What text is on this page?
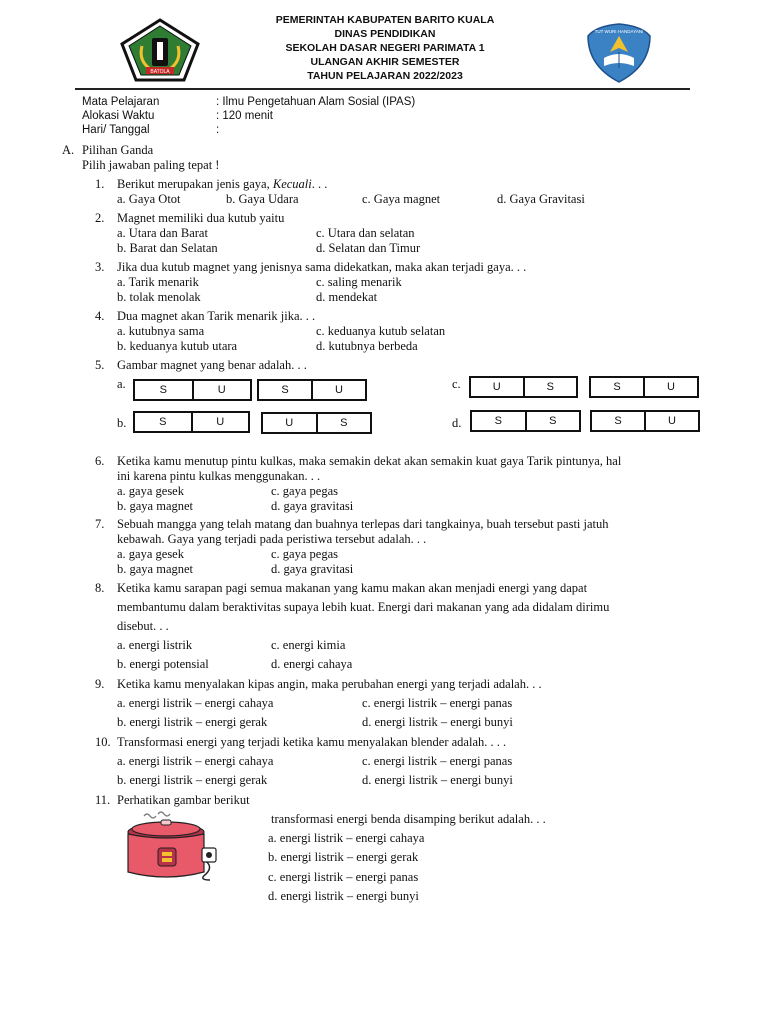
BATOLA
PEMERINTAH KABUPATEN BARITO KUALA
DINAS PENDIDIKAN
SEKOLAH DASAR NEGERI PARIMATA 1
ULANGAN AKHIR SEMESTER
TAHUN PELAJARAN 2022/2023
TUT WURI HANDAYANI
Mata Pelajaran	: Ilmu Pengetahuan Alam Sosial (IPAS)
Alokasi Waktu	: 120 menit
Hari/ Tanggal	:
A. Pilihan Ganda
Pilih jawaban paling tepat !
1. Berikut merupakan jenis gaya, Kecuali. . .
a. Gaya Otot	b. Gaya Udara	c. Gaya magnet	d. Gaya Gravitasi
2. Magnet memiliki dua kutub yaitu
a. Utara dan Barat	c. Utara dan selatan
b. Barat dan Selatan	d. Selatan dan Timur
3. Jika dua kutub magnet yang jenisnya sama didekatkan, maka akan terjadi gaya. . .
a. Tarik menarik	c. saling menarik
b. tolak menolak	d. mendekat
4. Dua magnet akan Tarik menarik jika. . .
a. kutubnya sama	c. keduanya kutub selatan
b. keduanya kutub utara	d. kutubnya berbeda
5. Gambar magnet yang benar adalah. . .
a.	S	U	S	U	c.	U	S	S	U
b.	S	U	U	S	d.	S	S	S	U
6. Ketika kamu menutup pintu kulkas, maka semakin dekat akan semakin kuat gaya Tarik pintunya, hal
ini karena pintu kulkas menggunakan. . .
a. gaya gesek	c. gaya pegas
b. gaya magnet	d. gaya gravitasi
7. Sebuah mangga yang telah matang dan buahnya terlepas dari tangkainya, buah tersebut pasti jatuh
kebawah. Gaya yang terjadi pada peristiwa tersebut adalah. . .
a. gaya gesek	c. gaya pegas
b. gaya magnet	d. gaya gravitasi
8. Ketika kamu sarapan pagi semua makanan yang kamu makan akan menjadi energi yang dapat
membantumu dalam beraktivitas supaya lebih kuat. Energi dari makanan yang ada didalam dirimu
disebut. . .
a. energi listrik	c. energi kimia
b. energi potensial	d. energi cahaya
9. Ketika kamu menyalakan kipas angin, maka perubahan energi yang terjadi adalah. . .
a. energi listrik – energi cahaya	c. energi listrik – energi panas
b. energi listrik – energi gerak	d. energi listrik – energi bunyi
10. Transformasi energi yang terjadi ketika kamu menyalakan blender adalah. . . .
a. energi listrik – energi cahaya	c. energi listrik – energi panas
b. energi listrik – energi gerak	d. energi listrik – energi bunyi
11. Perhatikan gambar berikut
transformasi energi benda disamping berikut adalah. . .
a. energi listrik – energi cahaya
b. energi listrik – energi gerak
c. energi listrik – energi panas
d. energi listrik – energi bunyi
